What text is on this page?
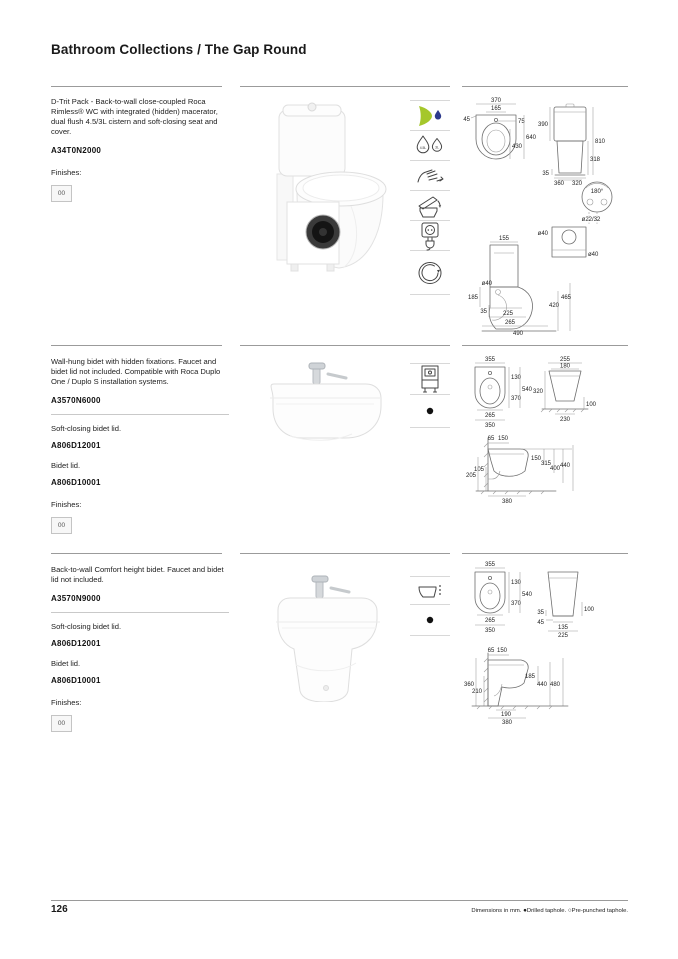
Bathroom Collections / The Gap Round

D-Trit Pack - Back-to-wall close-coupled Roca Rimless® WC with integrated (hidden) macerator, dual flush 4.5/3L cistern and soft-closing seat and cover.

A34T0N2000

Finishes:

00
4.5L	3L
370
165
45	75
640
430
390
810
318
35
360 320
180°
ø22/32
ø40
ø40
155
ø40
420
465
185
35	225
265
490

Wall-hung bidet with hidden fixations. Faucet and bidet lid not included. Compatible with Roca Duplo One / Duplo S installation systems.

A3570N6000

Soft-closing bidet lid.

A806D12001

Bidet lid.

A806D10001

Finishes:

00
355
130
370
540
265
350
255
180
320
100
230
65 150
150
315
400 440
105
205
380

Back-to-wall Comfort height bidet. Faucet and bidet lid not included.

A3570N9000

Soft-closing bidet lid.

A806D12001

Bidet lid.

A806D10001

Finishes:

00
355
130
370
540
265
350
35	100
45
135
225
65 150
185
440 480
360
210
190
380

126	Dimensions in mm. ●Drilled taphole. ○Pre-punched taphole.
